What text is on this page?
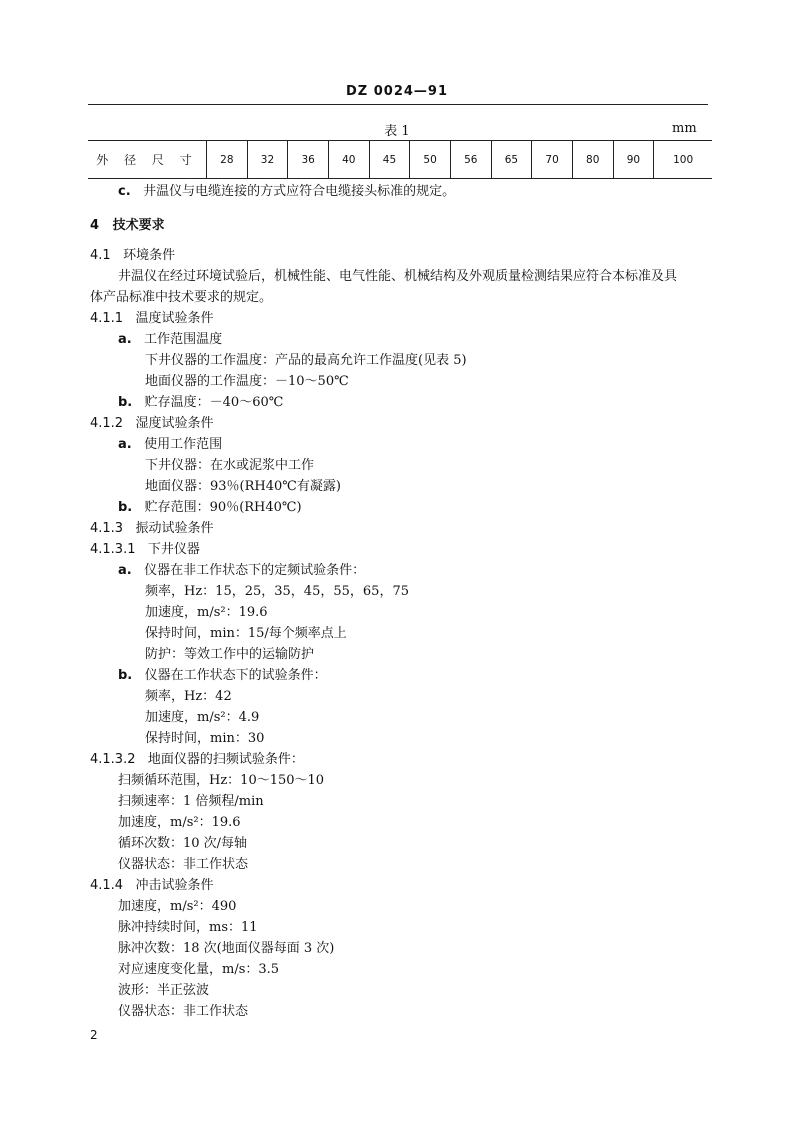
DZ 0024—91
表 1	mm
外 径 尺 寸	28	32	36	40	45	50	56	65	70	80	90	100
c. 井温仪与电缆连接的方式应符合电缆接头标准的规定。
4 技术要求
4.1 环境条件
井温仪在经过环境试验后，机械性能、电气性能、机械结构及外观质量检测结果应符合本标准及具
体产品标准中技术要求的规定。
4.1.1 温度试验条件
a. 工作范围温度
下井仪器的工作温度：产品的最高允许工作温度(见表 5)
地面仪器的工作温度：－10～50℃
b. 贮存温度：－40～60℃
4.1.2 湿度试验条件
a. 使用工作范围
下井仪器：在水或泥浆中工作
地面仪器：93％(RH40℃有凝露)
b. 贮存范围：90％(RH40℃)
4.1.3 振动试验条件
4.1.3.1 下井仪器
a. 仪器在非工作状态下的定频试验条件：
频率，Hz：15，25，35，45，55，65，75
加速度，m/s²：19.6
保持时间，min：15/每个频率点上
防护：等效工作中的运输防护
b. 仪器在工作状态下的试验条件：
频率，Hz：42
加速度，m/s²：4.9
保持时间，min：30
4.1.3.2 地面仪器的扫频试验条件：
扫频循环范围，Hz：10～150～10
扫频速率：1 倍频程/min
加速度，m/s²：19.6
循环次数：10 次/每轴
仪器状态：非工作状态
4.1.4 冲击试验条件
加速度，m/s²：490
脉冲持续时间，ms：11
脉冲次数：18 次(地面仪器每面 3 次)
对应速度变化量，m/s：3.5
波形：半正弦波
仪器状态：非工作状态
2
